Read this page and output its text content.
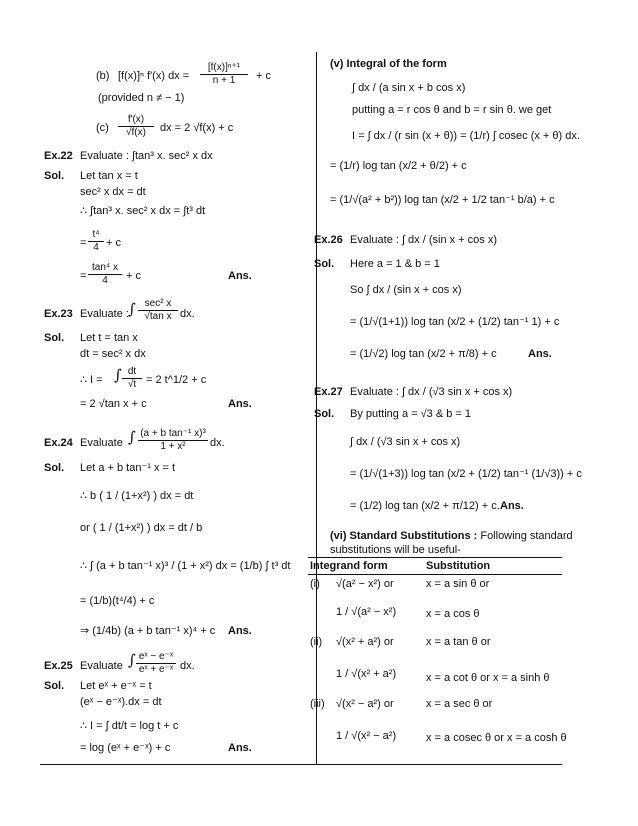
(b) [f(x)]ⁿ f′(x) dx = $\frac{\text{[f(x)]ⁿ⁺¹}}{n + 1} + c$
(provided n ≠ − 1)
$(c) \frac{f'(x)}{√f(x)}$ dx = 2 √f(x) + c
Ex.22 Evaluate : ∫tan³ x. sec² x dx
Sol. Let tan x = t
sec² x dx = dt
∴ ∫tan³ x. sec² x dx = ∫t³ dt
= $\frac{\text{t⁴}}{4} + c$
= $\frac{\text{tan⁴ x}}{4} + c$	Ans.
Ex.23 Evaluate : ∫ sec² x
√tan x dx.
Sol. Let t = tan x
dt = sec² x dx
∴ I = ∫ $\frac{dt}{√t} = 2$ t^1/2 + c
= 2 √tan x + c	Ans.
Ex.24 Evaluate ∫ $\frac{\text{(a + b tan⁻¹ x)³}}{\text{1 + x²}}$ dx.
Sol. Let a + b tan⁻¹ x = t
∴ b ( 1 / (1+x²) ) dx = dt
or ( 1 / (1+x²) ) dx = dt / b
∴ ∫ (a + b tan⁻¹ x)³ / (1 + x²) dx = (1/b) ∫ t³ dt
= (1/b)(t⁴/4) + c
⇒ (1/4b) (a + b tan⁻¹ x)⁴ + c Ans.
Ex.25 Evaluate ∫ $\frac{\text{eˣ − e⁻ˣ}}{\text{eˣ + e⁻ˣ}}$ dx.
Sol. Let eˣ + e⁻ˣ = t
(eˣ − e⁻ˣ).dx = dt
∴ I = ∫ dt/t = log t + c
= log (eˣ + e⁻ˣ) + c	Ans.
(v) Integral of the form
∫ dx / (a sin x + b cos x)
putting a = r cos θ and b = r sin θ. we get
I = ∫ dx / (r sin (x + θ)) = (1/r) ∫ cosec (x + θ) dx.
= (1/r) log tan (x/2 + θ/2) + c
= (1/√(a² + b²)) log tan (x/2 + 1/2 tan⁻¹ b/a) + c
Ex.26 Evaluate : ∫ dx / (sin x + cos x)
Sol. Here a = 1 & b = 1
So ∫ dx / (sin x + cos x)
= (1/√(1+1)) log tan (x/2 + (1/2) tan⁻¹ 1) + c
= (1/√2) log tan (x/2 + π/8) + c	Ans.
Ex.27 Evaluate : ∫ dx / (√3 sin x + cos x)
Sol. By putting a = √3 & b = 1
∫ dx / (√3 sin x + cos x)
= (1/√(1+3)) log tan (x/2 + (1/2) tan⁻¹ (1/√3)) + c
= (1/2) log tan (x/2 + π/12) + c. Ans.
(vi) Standard Substitutions : Following standard
substitutions will be useful-
Integrand form	Substitution
(i) √(a² − x²) or	x = a sin θ or
1 / √(a² − x²)	x = a cos θ
(ii) √(x² + a²) or	x = a tan θ or
1 / √(x² + a²)	x = a cot θ or x = a sinh θ
(iii) √(x² − a²) or	x = a sec θ or
1 / √(x² − a²)	x = a cosec θ or x = a cosh θ
